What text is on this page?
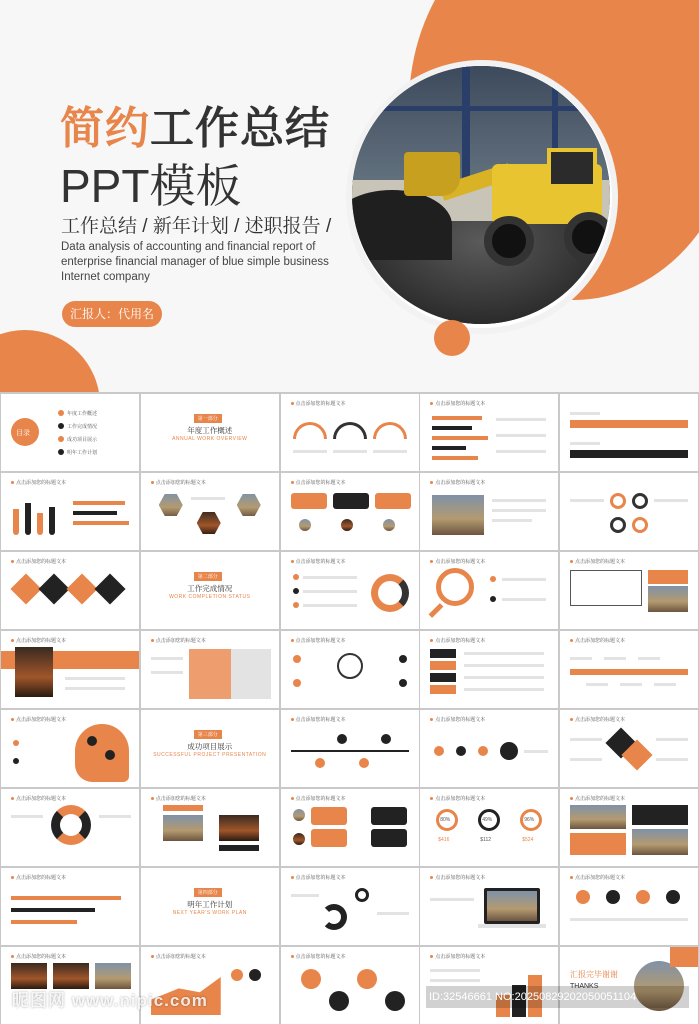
简约工作总结
PPT模板
工作总结 / 新年计划 / 述职报告 /
Data analysis of accounting and financial report of enterprise financial manager of blue simple business Internet company
汇报人：代用名
目录
年度工作概述
工作完成情况
成功项目展示
明年工作计划
第一部分
年度工作概述
ANNUAL WORK OVERVIEW
点击添加您的标题文本	点击添加您的标题文本
点击添加您的标题文本	点击添加您的标题文本	点击添加您的标题文本	点击添加您的标题文本
点击添加您的标题文本
第二部分
工作完成情况
WORK COMPLETION STATUS
点击添加您的标题文本	点击添加您的标题文本	点击添加您的标题文本
点击添加您的标题文本	点击添加您的标题文本	点击添加您的标题文本	点击添加您的标题文本	点击添加您的标题文本
点击添加您的标题文本
第三部分
成功项目展示
SUCCESSFUL PROJECT PRESENTATION
点击添加您的标题文本	点击添加您的标题文本	点击添加您的标题文本
点击添加您的标题文本	点击添加您的标题文本	点击添加您的标题文本	点击添加您的标题文本
80%	49%	96%
$416	$112	$524
点击添加您的标题文本
点击添加您的标题文本
第四部分
明年工作计划
NEXT YEAR'S WORK PLAN
点击添加您的标题文本	点击添加您的标题文本	点击添加您的标题文本
点击添加您的标题文本	点击添加您的标题文本	点击添加您的标题文本	点击添加您的标题文本
汇报完毕谢谢
THANKS
昵图网 www.nipic.com	ID:32546661 NO:20250829202050051104
